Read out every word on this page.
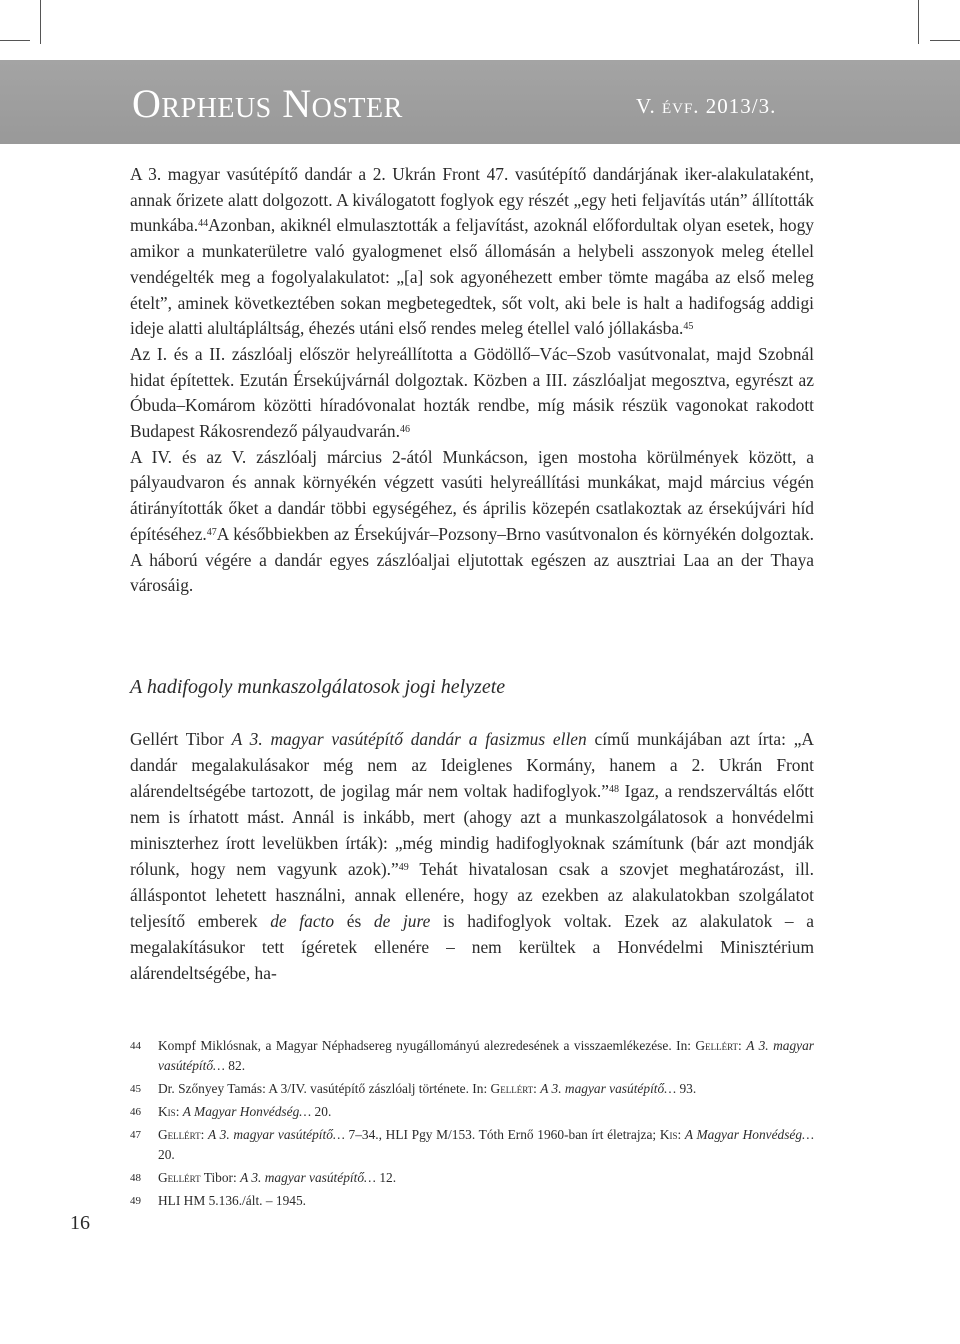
Orpheus Noster	V. évf. 2013/3.

A 3. magyar vasútépítő dandár a 2. Ukrán Front 47. vasútépítő dandárjának iker-alakulataként, annak őrizete alatt dolgozott. A kiválogatott foglyok egy részét „egy heti feljavítás után” állították munkába.$^{44}$Azonban, akiknél elmulasztották a feljavítást, azoknál előfordultak olyan esetek, hogy amikor a munkaterületre való gyalogmenet első állomásán a helybeli asszonyok meleg étellel vendégelték meg a fogolyalakulatot: „[a] sok agyonéhezett ember tömte magába az első meleg ételt”, aminek következtében sokan megbetegedtek, sőt volt, aki bele is halt a hadifogság addigi ideje alatti alultápláltság, éhezés utáni első rendes meleg étellel való jóllakásba.$^{45}$

Az I. és a II. zászlóalj először helyreállította a Gödöllő–Vác–Szob vasútvonalat, majd Szobnál hidat építettek. Ezután Érsekújvárnál dolgoztak. Közben a III. zászlóaljat megosztva, egyrészt az Óbuda–Komárom közötti híradóvonalat hozták rendbe, míg másik részük vagonokat rakodott Budapest Rákosrendező pályaudvarán.$^{46}$

A IV. és az V. zászlóalj március 2-ától Munkácson, igen mostoha körülmények között, a pályaudvaron és annak környékén végzett vasúti helyreállítási munkákat, majd március végén átirányították őket a dandár többi egységéhez, és április közepén csatlakoztak az érsekújvári híd építéséhez.$^{47}$A későbbiekben az Érsekújvár–Pozsony–Brno vasútvonalon és környékén dolgoztak. A háború végére a dandár egyes zászlóaljai eljutottak egészen az ausztriai Laa an der Thaya városáig.

A hadifogoly munkaszolgálatosok jogi helyzete

Gellért Tibor A 3. magyar vasútépítő dandár a fasizmus ellen című munkájában azt írta: „A dandár megalakulásakor még nem az Ideiglenes Kormány, hanem a 2. Ukrán Front alárendeltségébe tartozott, de jogilag már nem voltak hadifoglyok.”$^{48}$ Igaz, a rendszerváltás előtt nem is írhatott mást. Annál is inkább, mert (ahogy azt a munkaszolgálatosok a honvédelmi miniszterhez írott levelükben írták): „még mindig hadifoglyoknak számítunk (bár azt mondják rólunk, hogy nem vagyunk azok).”$^{49}$ Tehát hivatalosan csak a szovjet meghatározást, ill. álláspontot lehetett használni, annak ellenére, hogy az ezekben az alakulatokban szolgálatot teljesítő emberek de facto és de jure is hadifoglyok voltak. Ezek az alakulatok – a megalakításukor tett ígéretek ellenére – nem kerültek a Honvédelmi Minisztérium alárendeltségébe, ha-

44 Kompf Miklósnak, a Magyar Néphadsereg nyugállományú alezredesének a visszaemlékezése. In: Gellért: A 3. magyar vasútépítő… 82.
45 Dr. Szőnyey Tamás: A 3/IV. vasútépítő zászlóalj története. In: Gellért: A 3. magyar vasútépítő… 93.
46 Kis: A Magyar Honvédség… 20.
47 Gellért: A 3. magyar vasútépítő… 7–34., HLI Pgy M/153. Tóth Ernő 1960-ban írt életrajza; Kis: A Magyar Honvédség… 20.
48 Gellért Tibor: A 3. magyar vasútépítő… 12.
49 HLI HM 5.136./ált. – 1945.
16
